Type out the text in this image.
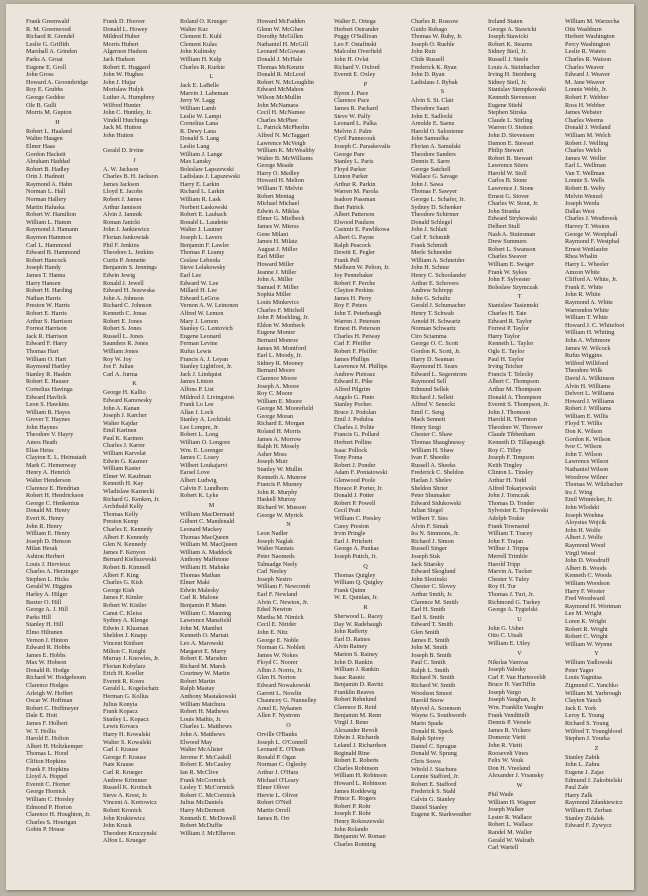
Frank Greenwald
R. M. Greenwood
Richard R. Grendel
Leslie G. Griffith
Marshall A. Grinden
Parks A. Groat
Eugene E. Groll
John Gross
Howard A. Groombridge
Roy E. Grubbs
George Geddoe
Ole B. Gulli
Morris M. Gupton
H
Robert L. Haaland
Walter Haagen
Elmer Haas
Gordon Hackett
Abraham Haddad
Robert B. Hadley
Orin J. Hadnott
Raymond A. Hahn
Norman L. Hall
Norman Hallery
Martin Haluska
Robert W. Hamilton
William L. Hamm
Raymond J. Hamann
Raymon Hammon
Carl L. Hammond
Edward B. Hammond
Robert Hancock
Joseph Handy
James T. Hanna
Harry Hansen
Robert H. Harding
Nathan Harris
Preston W. Harris
Robert E. Harris
Arthur S. Harrison
Forrest Harrison
Jack R. Harrison
Edward F. Harry
Thomas Hart
William O. Hart
Raymond Hartley
Stanley R. Haskin
Robert E. Hauser
Cornelius Havinga
Edward Havlick
Leon S. Hawkins
William R. Hayes
Grover T. Haynes
John Haynes
Theodore V. Hayry
Amos Heath
Elias Heiss
Clayton E. L. Heimstadt
Mark C. Hemenway
Henry A. Henrich
Walter Henderson
Clarence E. Hendrian
Robert H. Hendrickson
George C. Henkenius
Donald M. Henry
Evert K. Henry
John R. Henry
William E. Henry
Joseph D. Henson
Milan Herak
Ashton Herbert
Louis J. Hervieux
Charles A. Herzinger
Stephen L. Hicks
Gerald W. Higgins
Harley A. Hilger
Baxter O. Hill
George A. J. Hill
Parks Hill
Stanley H. Hill
Elmo Hiltunen
Vernon J. Hinton
Edward R. Hobbs
James E. Hobbs
Max W. Hobson
Donald R. Hodge
Richard W. Hodgeboom
Clarence Hodges
Arleigh W. Hoffert
Oscar W. Hoffman
Robert C. Hoffmeyer
Dale E. Hoit
James F. Holbert
W. T. Hollis
Harold E. Holton
Albert H. Holtzkemper
Thomas L. Hood
Clifton Hopkins
Frank F. Hopkins
Lloyd A. Hoppel
Everett C. Horner
George Hornick
William C. Horsley
Edmond P. Horton
Clarence H. Houghton, Jr.
Charles S. Hourigan
Gobin P. House
Frank D. Hoover
Donald L. Howey
Mildred Huber
Morris Hubert
Algernon Hudson
Jack Hudson
Robert E. Huggard
John W. Hughes
John J. Hujar
Morislaw Hulyk
Luther A. Humphrey
Wilfred Hunter
John C. Huntley, Jr.
Vindell Hutchings
Jack M. Hutton
John Hutton
Gerald D. Irvine
J
A. W. Jackson
Charles B. H. Jackson
James Jackson
Lloyd E. Jacobs
Robert J. James
Arthur Jamison
Alvin J. Jamnik
Roman Janicki
John J. Jankiewicz
Florian Jankowiak
Phil F. Jenkins
Theodore L. Jenkins
Curtis P. Jennette
Benjamin S. Jennings
Edwin Jewig
Ronald J. Jewell
Edward H. Jezewska
John A. Johnson
Richard C. Johnson
Kenneth C. Jonas
Robert E. Jones
Robert S. Jones
Russell L. Jones
Saunders R. Jones
William Jones
Roy W. Joy
Joe F. Julian
Carl A. Jurma
K
George H. Kallio
Edward Kamowsky
John A. Kanan
Joseph J. Karcher
Walter Kajdar
Emil Karinen
Paul K. Karinen
Charles J. Karrer
William Karvelat
Edwin G. Kasmer
William Kaster
Elmer W. Kaufman
Kenneth H. Kay
Wladislaw Kaznecki
Richard G. Kenken, Jr.
Archibald Kelly
Thomas Kelly
Preston Kemp
Charles E. Kennedy
Albert F. Kennedy
Glen N. Kennedy
James F. Kenyon
Bernard Kieliszewski
Robert B. Kimmell
Albert F. King
Charles G. Kish
George Kish
James F. Kimler
Robert W. Kistler
Canut C. Kleiss
Sydney A. Klenge
Edwin J. Klusman
Sheldon J. Knapp
Vincent Knifsen
Milton C. Knight
Murray J. Knowles, Jr.
Florian Kobylarz
Erich H. Koeller
Everett R. Koers
Gerald L. Kogelschatz
Herman G. Kollus
Julius Konyia
Frank Kopacz
Stanley L. Kopacz
Lewis Kovacs
Harry H. Kowalski
Walter S. Kowalski
Carl J. Krause
George F. Krause
Nate Krause
Carl R. Krueger
Andrew Krimmer
Russell K. Kroitsch
Steve A. Krest, Jr.
Vincent A. Kretowicz
Robert Kronick
John Krukiewicz
John Kruck
Theodore Kruczynski
Alfon L. Krueger
Roland O. Krueger
Walter Kuc
Clement E. Kuhl
Clement Kulas
John Kulinsky
William H. Kulp
Charles R. Kurkie
L
Jack E. LaBelle
Marvin J. Labeman
Jerry W. Lagg
William Lamb
Leslie W. Lampi
Cornelius Lana
R. Dewy Lana
Donald S. Lang
Leslie Lang
William J. Lange
Max Lansky
Boleslaw Lapszewski
Ladislaus J. Lapszewski
Harry E. Larkin
Richard L. Larkin
William R. Lask
Norbert Laskowski
Robert E. Laubach
Ronald L. Laudette
Walter J. Lautner
Joseph L. Lavers
Benjamin F. Lawler
Thomas P. Leamy
Ceslaw Lebioda
Steve Lelakowsky
Earl Lee
Edward W. Lee
Millard H. Lee
Edward LeGros
Vernon A. W. Leinonen
Alfred W. Lemon
Mary J. Lemon
Stanley G. Lentovich
Eugene Leonard
Ferman Levine
Rufus Lewis
Francis A. J. Leyan
Stanley Lightfoot, Jr.
Jack J. Lindquist
James Linton
Alfons P. List
Mildred J. Livingston
Frank Lo Lee
Allan J. Lock
Stanley A. Lockitski
Lee Lompre, Jr.
Robert L. Long
William O. Longore
Wm. E. Lorenger
James C. Losey
Wilbert Loukajarvi
Earsel Love
Albert Ludwig
Calvin F. Lundbom
Robert K. Lyke
M
William MacDermaid
Gilbert C. Mandenald
Leonard Mackey
Thomas MacQueen
William M. MacQueen
William A. Maddock
Anthony Maffetone
William H. Mahnke
Thomas Maihan
Elmer Maki
Edwin Malesky
Carl R. Malone
Benjamin P. Mann
William C. Manning
Lawrence Mansfield
John M. Manthei
Kenneth O. Mariatt
Leo A. Marowski
Margaret E. Marry
Robert E. Marsden
Richard M. Marsh
Courtney W. Martin
Robert Martin
Ralph Mastay
Anthony Mastakowski
William Matchura
Robert H. Mathews
Louis Mathis, Jr.
Charles L. Matthews
John A. Matthews
Elwood May
Walter McAlister
Jerome F. McCaskill
Robert E. McCauley
Ian R. McClive
Frank McCormick
Lesley T. McCormick
Robert C. McCormick
Julius McDaniels
Harry McDermott
Kenneth E. McDowell
Robert McDuffie
William J. McElheron
Howard McFadden
Glenn W. McGhee
Dorothy McGillen
Nathaniel H. McGill
Leonard McGowan
Donald J. McHale
Thomas McKenzie
Donald R. McLeod
Robert N. McLoughlin
Edward McMahon
Wilson McMullin
John McNamara
Cecil H. McNamee
Charles McPhee
L. Patrick McPherlin
Alfred N. McTaggart
Lawrence McVeigh
William K. McWealthy
Walter B. McWilliams
George Meade
Harry O. Medley
Howard H. Melton
William T. Melvin
Robert Mentag
Michael Michael
Edwin A. Miklas
Elmer G. Mielbeck
James W. Mierss
Gene Milani
James H. Milatz
August J. Miller
Earl Miller
Howard Miller
Jeanne J. Miller
John A. Miller
Samuel F. Miller
Sophia Miller
Louis Minkevics
Charles F. Mitchell
John P. Moehling, Jr.
Eldon W. Monbeck
Eugene Monier
Bernard Monroe
James M. Montford
Earl L. Moody, Jr.
Sidney R. Mooney
Bernard Moore
Clarence Moore
Joseph A. Moore
Roy C. Moore
William E. Moore
George M. Moorefield
George Moran
Richard E. Morgan
Roland H. Morris
James A. Morrow
Ralph H. Mosely
Asher Moss
Joseph Muir
Stanley W. Mullin
Kenneth A. Munroe
Francis P. Murney
John R. Murphy
Haskell Murray
Richard W. Musson
George W. Myrick
N
Leon Nadler
Joseph Naglak
Walter Nantais
Peter Naomeds
Talmadge Neely
Carl Neeley
Joseph Nestro
William F. Newcomb
Earl F. Newland
Alvin C. Newton, Jr.
Edsel Newton
Martha M. Nimick
Cecil E. Nirider
John E. Nitz
George E. Noble
Norman G. Noblett
James W. Nokes
Floyd C. Noorer
Albin J. Norris, Jr.
Glen H. Norton
Edward Nowakowski
Garrett L. Nowlin
Chauncey G. Nunnelley
Arnel E. Nykanen
Allen F. Nystrom
O
Orville O'Banks
Joseph L. O'Connell
Leonard E. O'Dean
Ronald P. Ogan
Norman C. Oglesby
Arthur J. O'Hara
Michael O'Leary
Elmer Oliver
Hervie L. Oliver
Robert O'Neil
Martin Orrell
James B. Orr
Walter E. Ortega
Herbert Ostrander
Peggy O'Sullivan
Leo F. Ostafinski
Malcolm Overfield
John H. Ovlat
Richard V. Oxford
Everett E. Oxley
P
Byron J. Pace
Clarence Pace
James R. Packard
Steve W. Palfy
Leonard L. Palka
Melvin J. Palm
Cyril Pannecouk
Joseph C. Paraskevalis
George Pare
Stanley L. Paris
Floyd Parker
Linton Parker
Arthur R. Parkin
Warren M. Parola
Isadore Passman
Bart Patrick
Albert Patterson
Elwood Paulson
Casimir E. Pawlikowa
Albert G. Payne
Ralph Peacock
Dewitt E. Pegler
Frank Pell
Melburn W. Pelton, Jr.
Joy Pennebaker
Robert F. Perche
Clayton Perkins
James H. Perry
Roy F. Peters
John T. Peterbaugh
Warren J. Petersen
Ernest H. Peterson
Charles H. Petway
Carl F. Pfeiffer
Robert F. Pfeiffer
James Phillips
Lawrence M. Phillips
Andrew Pietrasz
Edward E. Pike
Alfred Pilgrim
Angelo G. Pinto
Stanley Pochec
Bruce J. Podolan
Emil J. Poduloa
Charles J. Polite
Francis G. Pollard
Herbert Pollins
Isaac Pollock
Tony Poma
Robert J. Ponder
Adam F. Poniatowski
Glenwood Poole
Horace P. Porter, Jr.
Donald J. Potter
Robert P. Powell
Cecil Pratt
William C. Presley
Carey Preston
Irvin Pringle
Earl J. Pritchett
George A. Punkas
Joseph Putich, Jr.
Q
Thomas Quigley
William Q. Quigley
Frank Quinn
W. E. Quinlan, Jr.
R
Sherwood L. Racey
Day W. Radebaugh
John Rafferty
Earl D. Raines
Alvin Rainey
Marion S. Rainey
John D. Rankin
William J. Rankin
Isaac Rasnic
Benjamin D. Ravitz
Franklin Reaves
Robert Rehnlund
Clarence B. Reid
Benjamin M. Renn
Virgil J. Reno
Alexander Revolt
Edwin J. Richards
Leland J. Richardson
Reginald Rine
Robert E. Roberts
Charles Robinson
William H. Robinson
Howard L. Robinson
James Roddewig
Prince E. Rogers
Robert P. Rohr
Joseph F. Rohr
Henry Rokoszewski
John Rolando
Benjamin W. Roman
Charles Ronning
Charles R. Rossow
Guido Rubago
Thomas W. Ruby, Jr.
Joseph O. Ruehle
John Ruiz
Clide Russell
Frederick K. Ryan
John D. Ryan
Ladislaus J. Rybak
S
Alvin S. St. Clair
Theodore Saari
John E. Sadlocki
Arnolde E. Saenz
Harold O. Salonieme
John Samuelka
Florian A. Samulski
Theodore Sanders
Dennis E. Sarre
George Satchell
Wallace G. Savage
John J. Sawa
Thomas F. Sawyer
George L. Schafer, Jr.
Sydney D. Schenker
Theodore Schirmer
Donald Schlegel
John J. Schlatt
Carl F. Schmidt
Frank Schmidt
Merle Schneider
William A. Schneider
John H. Schnur
Henry C. Schoolander
Arthur E. Schovers
Andrew Schrepp
John G. Schultz
Gerald J. Schumacher
Henry T. Schwab
Arnold H. Schwartz
Norman Schwartz
Ciro Sciamma
George O. C. Scott
Gordon K. Scott, Jr.
Harry D. Seaman
Raymond H. Sears
Edward L. Segerstrom
Raymond Sell
Edmund Sellek
Richard J. Sellett
Alfred V. Senecki
Emil C. Seng
Mack Sennett
Henry Sergi
Chester C. Shaw
Thomas Shaughnessy
William H. Shaw
Ivan F. Sheedio
Russell A. Sheeks
Frederick C. Sheldon
Harlan J. Shelev
Sheldon Shrier
Peter Shumaker
Edward Sidukowski
Julian Siegel
Wilbert T. Sies
Alvin F. Simak
Ira N. Simmons, Jr.
Richard J. Simon
Russell Singer
Joseph Sisk
Jack Sitarsky
Edward Skoglund
John Slezinski
Chester C. Slovey
Arthur Smith, Jr.
Clarence M. Smith
Earl H. Smith
Earl S. Smith
Edward T. Smith
Glen Smith
James E. Smith
John M. Smith
Joseph B. Smith
Paul C. Smith
Ralph L. Smith
Richard N. Smith
Richard W. Smith
Woodson Smoot
Harold Snow
Myrvel A. Sorenson
Wayne G. Southworth
Mario Spada
Donald R. Speck
Ralph Spivey
Daniel C. Sprague
Donald W. Sprung
Chris Sosva
Witold J. Stachura
Lonnie Stafford, Jr.
Robert E. Stafford
Frederick S. Stahl
Calvin G. Stanley
Daniel Stanley
Eugene K. Starkweather
Ireland Staten
George A. Stawicki
Joseph Stawicki
Robert K. Stearns
Sidney Steil, Jr.
Russell J. Steele
Louis A. Steinbacher
Irving H. Steinberg
Sidney Steil, Jr.
Stanislav Stempkowski
Kenneth Stevenson
Eugene Stiehl
Stephen Stirska
Claude L. Stirling
Warren O. Stotten
John D. Stevenson
Damon E. Stewart
Philip Stewart
Robert B. Stewart
Lawrence Stiers
Harold W. Stoll
Carlos B. Stone
Lawrence J. Stone
Ernest G. Stover
Charles W. Stout, Jr.
John Stranka
Edward Strykowski
Delbert Stull
Nash A. Stutesman
Drew Summers
Robert L. Swanson
Charles Swaver
William E. Swiger
Frank W. Sykes
John F. Sylvester
Boleslaw Szymczak
T
Stanislaw Tasiemski
Charles H. Tate
Edward R. Taylor
Forrest P. Taylor
Harry Taylor
Kenneth L. Taylor
Ogle E. Taylor
Paul H. Taylor
Irving Teicher
Francis T. Telecky
Albert C. Thompson
Arthur M. Thompson
Donald A. Thompson
Everett S. Thompson, Jr.
John J. Thomson
Harold R. Thornton
Theodore W. Thrower
Claude Tibbenham
Kenneth D. Tillapaugh
Roy C. Tilley
Joseph F. Timpson
Keith Tingley
Clinton L. Tinsley
Arthur H. Todd
Alfred Tokarjewski
John J. Tomczak
Thomas D. Tonder
Sylvester E. Topolewski
Adolph Toskie
Frank Townsend
William T. Tracey
John F. Trajan
Wilbur J. Trippa
Merrell Trimble
Harold Tripp
Marvin A. Tucker
Chester V. Tuley
Roy H. Tur
Thomas J. Turi, Jr.
Richmond G. Turkey
George A. Tygielski
U
John G. Usher
Otto C. Utsalt
William E. Utley
V
Nikolas Vamvas
Joseph Valesky
Carl F. Van Hartesveldt
Bruce H. VanTiffin
Joseph Vargo
Joseph Vaughan, Jr.
Wm. Franklin Vaughn
Frank Vendittelli
Dennis P. Versele
James R. Vickers
Domenic Vietti
John R. Vietti
Roosevelt Vines
Felix W. Vouk
Don H. Vreeland
Alexander J. Vrsansky
W
Phil Wade
William H. Wagner
Joseph Walker
Lester R. Wallace
Robert L. Wallace
Randel M. Waller
Gerald W. Walrath
Carl Wartell
William M. Warzecha
Otis Washburn
Herbert Washington
Percy Washington
Leslie R. Waters
Charles R. Watson
Charles Weaver
Edward J. Weaver
M. Jane Weaver
Lonnie Webb, Jr.
Robert F. Webber
Ross H. Webber
James Webster
Charles Weems
Donald J. Weiland
William M. Welch
Robert J. Welling
Charles Welch
James W. Weller
Earl L. Wellman
Van T. Wellman
Lonnie S. Wells
Robert B. Welty
Melvin Wenzel
Joseph Werda
Dallas West
Charles J. Westbrook
Harvey T. Weston
George W. Westphall
Raymond F. Westphal
Ernest Wettlaufer
Rhea Whalin
Harry L. Wheeler
Amzon White
Clifford A. White, Jr.
Frank E. White
John R. White
Raymond A. White
Warrendon White
William T. White
Howard J. C. Whitefoot
William H. Whiting
John A. Whitmore
James W. Wilcock
Rufus Wiggins
Wilfred Williford
Theodore Wilk
David A. Wilkinson
Alvin H. Williams
Delvert L. Williams
Howard J. Williams
Robert J. Williams
William E. Willis
Floyd T. Willis
Don K. Wilson
Gordon K. Wilson
Ivor C. Wilson
John T. Wilson
Lawrence Wilson
Nathaniel Wilson
Woodrow Wilner
Thomas W. Wilzbacher
Ira J. Wing
Emil Winnicker, Jr.
John Wlodski
Joseph Woehna
Aloysius Wojcik
John H. Wolfe
Albert J. Wolfe
Raymond Wood
Virgil Wood
John D. Woodruff
Albert B. Woods
Kenneth C. Woods
William Woodson
Harry F. Wooter
Fred Woodward
Raymond H. Wortman
Lee M. Wright
Loren K. Wright
Robert R. Wright
Robert C. Wright
William W. Wynne
Y
William Yadlowski
Peter Yager
Louis Yagnitsa
Zigmund C. Yanchko
William M. Yarbrough
Clayton Yauch
Jack E. York
Leroy E. Young
Richard S. Young
Wilfred T. Youngblood
Stephen J. Yourka
Z
Stanley Zabik
John L. Zahra
Eugene J. Zajac
Edmund J. Zakobielski
Paul Zale
Harry Zalk
Raymond Zdankiewicz
William H. Zerban
Stanley Zidalek
Edward F. Zywycz
